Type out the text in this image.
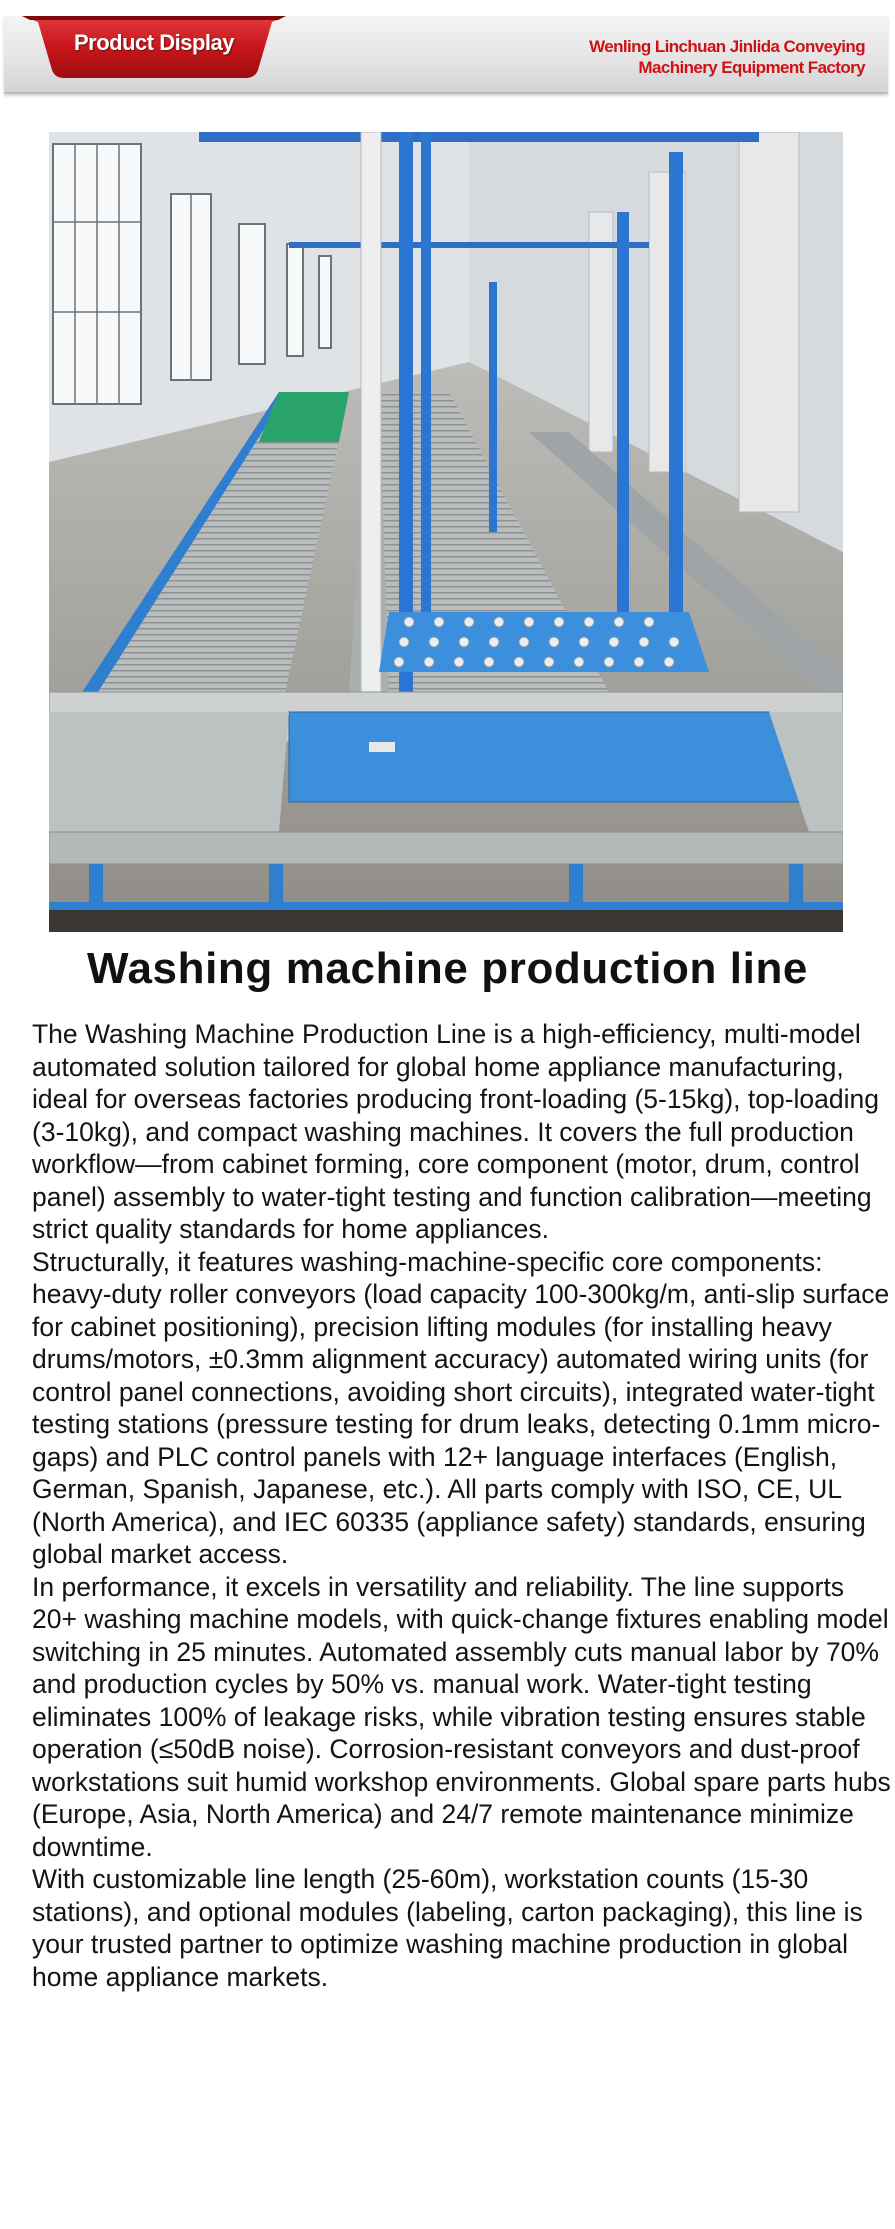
Product Display	Wenling Linchuan Jinlida Conveying
Machinery Equipment Factory
Washing machine production line

The Washing Machine Production Line is a high-efficiency, multi-model automated solution tailored for global home appliance manufacturing, ideal for overseas factories producing front-loading (5-15kg), top-loading (3-10kg), and compact washing machines. It covers the full production workflow—from cabinet forming, core component (motor, drum, control panel) assembly to water-tight testing and function calibration—meeting strict quality standards for home appliances.

Structurally, it features washing-machine-specific core components: heavy-duty roller conveyors (load capacity 100-300kg/m, anti-slip surface for cabinet positioning), precision lifting modules (for installing heavy drums/motors, ±0.3mm alignment accuracy) automated wiring units (for control panel connections, avoiding short circuits), integrated water-tight testing stations (pressure testing for drum leaks, detecting 0.1mm micro-gaps) and PLC control panels with 12+ language interfaces (English, German, Spanish, Japanese, etc.). All parts comply with ISO, CE, UL (North America), and IEC 60335 (appliance safety) standards, ensuring global market access.

In performance, it excels in versatility and reliability. The line supports 20+ washing machine models, with quick-change fixtures enabling model switching in 25 minutes. Automated assembly cuts manual labor by 70% and production cycles by 50% vs. manual work. Water-tight testing eliminates 100% of leakage risks, while vibration testing ensures stable operation (≤50dB noise). Corrosion-resistant conveyors and dust-proof workstations suit humid workshop environments. Global spare parts hubs (Europe, Asia, North America) and 24/7 remote maintenance minimize downtime.

With customizable line length (25-60m), workstation counts (15-30 stations), and optional modules (labeling, carton packaging), this line is your trusted partner to optimize washing machine production in global home appliance markets.
